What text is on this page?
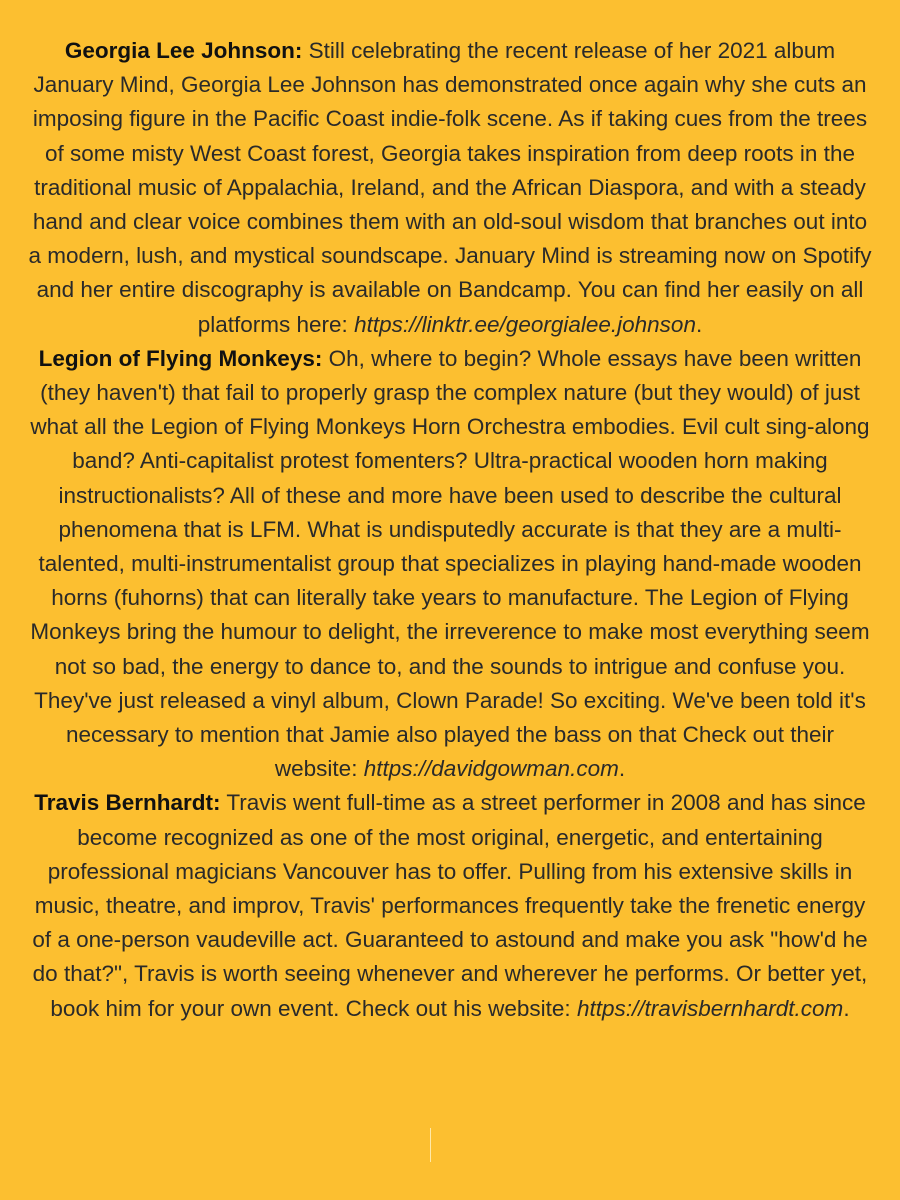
Georgia Lee Johnson: Still celebrating the recent release of her 2021 album January Mind, Georgia Lee Johnson has demonstrated once again why she cuts an imposing figure in the Pacific Coast indie-folk scene. As if taking cues from the trees of some misty West Coast forest, Georgia takes inspiration from deep roots in the traditional music of Appalachia, Ireland, and the African Diaspora, and with a steady hand and clear voice combines them with an old-soul wisdom that branches out into a modern, lush, and mystical soundscape. January Mind is streaming now on Spotify and her entire discography is available on Bandcamp. You can find her easily on all platforms here: https://linktr.ee/georgialee.johnson.

Legion of Flying Monkeys: Oh, where to begin? Whole essays have been written (they haven't) that fail to properly grasp the complex nature (but they would) of just what all the Legion of Flying Monkeys Horn Orchestra embodies. Evil cult sing-along band? Anti-capitalist protest fomenters? Ultra-practical wooden horn making instructionalists? All of these and more have been used to describe the cultural phenomena that is LFM. What is undisputedly accurate is that they are a multi-talented, multi-instrumentalist group that specializes in playing hand-made wooden horns (fuhorns) that can literally take years to manufacture. The Legion of Flying Monkeys bring the humour to delight, the irreverence to make most everything seem not so bad, the energy to dance to, and the sounds to intrigue and confuse you. They've just released a vinyl album, Clown Parade! So exciting. We've been told it's necessary to mention that Jamie also played the bass on that Check out their website: https://davidgowman.com.

Travis Bernhardt: Travis went full-time as a street performer in 2008 and has since become recognized as one of the most original, energetic, and entertaining professional magicians Vancouver has to offer. Pulling from his extensive skills in music, theatre, and improv, Travis' performances frequently take the frenetic energy of a one-person vaudeville act. Guaranteed to astound and make you ask "how'd he do that?", Travis is worth seeing whenever and wherever he performs. Or better yet, book him for your own event. Check out his website: https://travisbernhardt.com.
